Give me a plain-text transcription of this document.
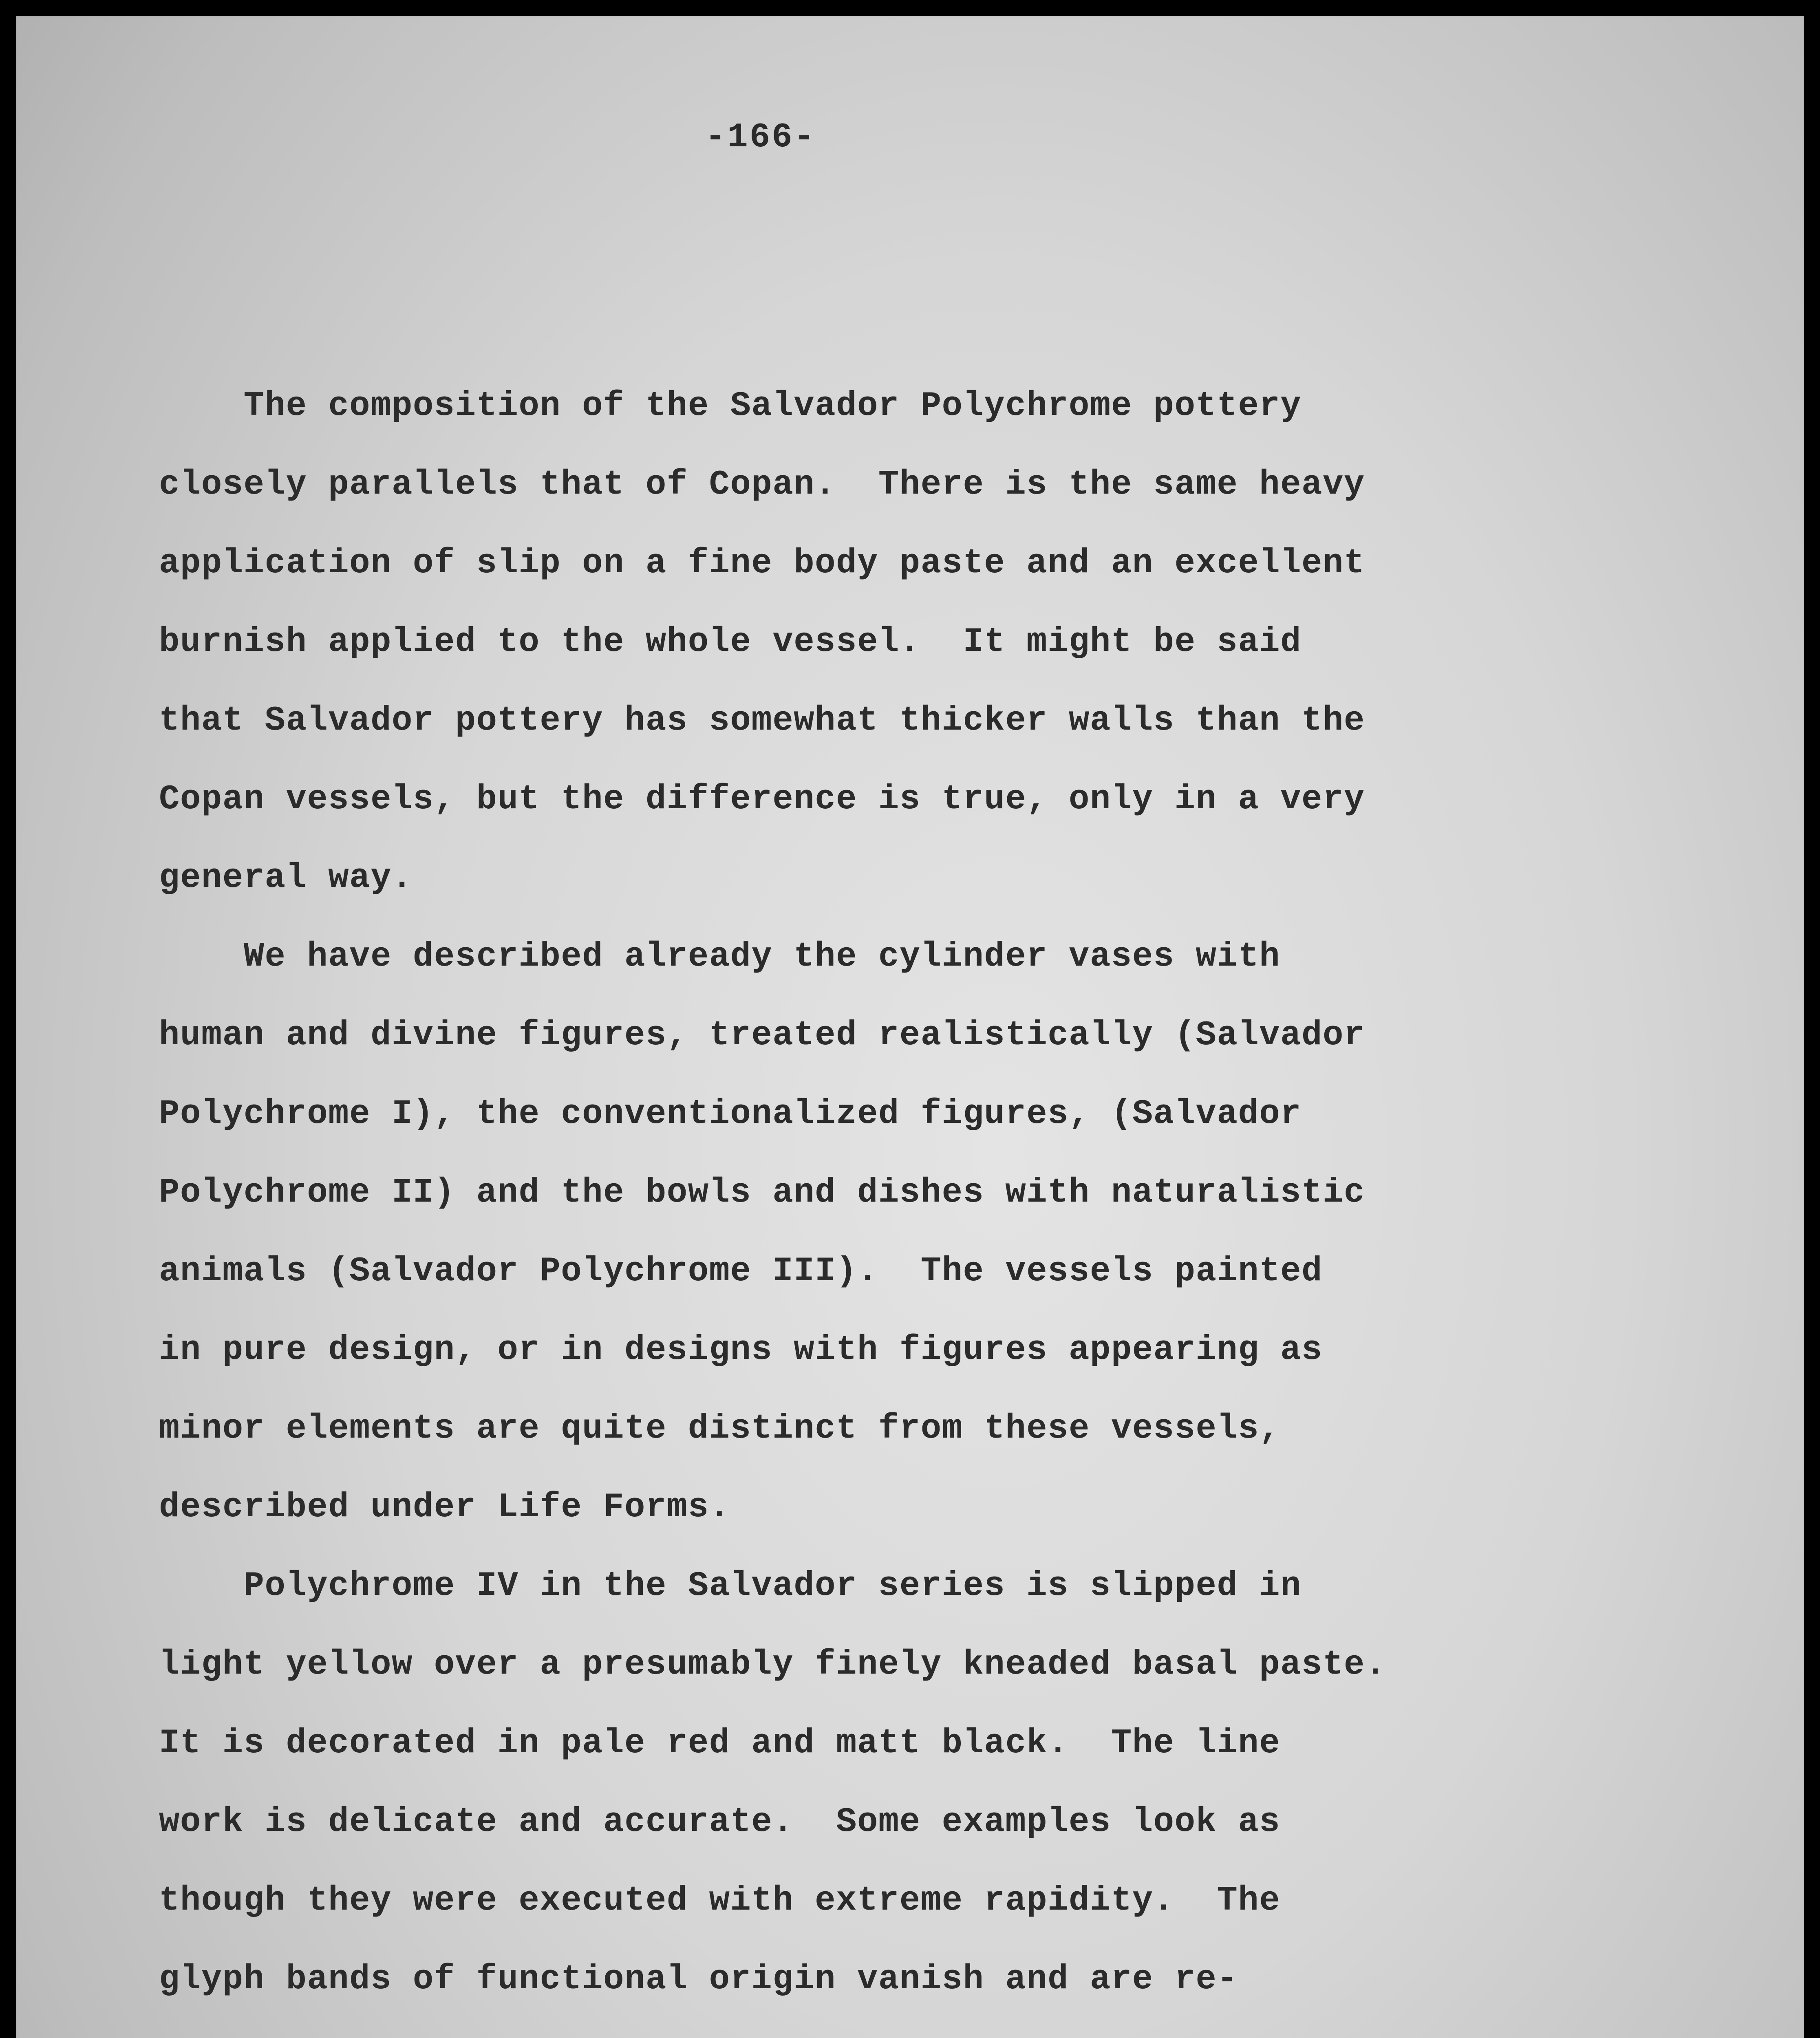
-166-
The composition of the Salvador Polychrome pottery
closely parallels that of Copan.  There is the same heavy
application of slip on a fine body paste and an excellent
burnish applied to the whole vessel.  It might be said
that Salvador pottery has somewhat thicker walls than the
Copan vessels, but the difference is true, only in a very
general way.
We have described already the cylinder vases with
human and divine figures, treated realistically (Salvador
Polychrome I), the conventionalized figures, (Salvador
Polychrome II) and the bowls and dishes with naturalistic
animals (Salvador Polychrome III).  The vessels painted
in pure design, or in designs with figures appearing as
minor elements are quite distinct from these vessels,
described under Life Forms.
Polychrome IV in the Salvador series is slipped in
light yellow over a presumably finely kneaded basal paste.
It is decorated in pale red and matt black.  The line
work is delicate and accurate.  Some examples look as
though they were executed with extreme rapidity.  The
glyph bands of functional origin vanish and are re-
